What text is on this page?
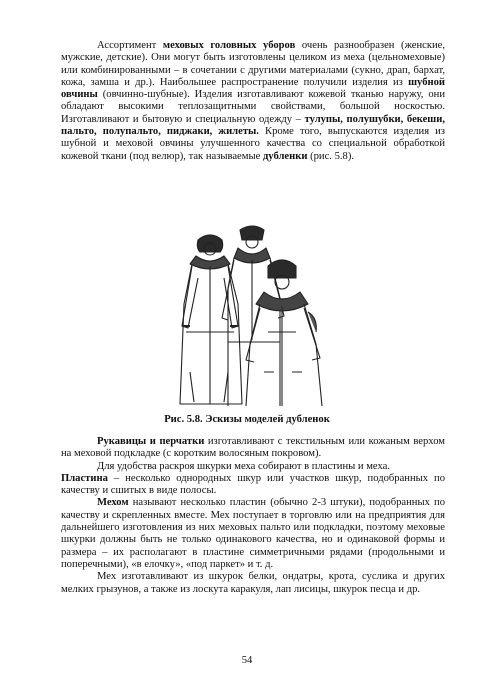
Ассортимент меховых головных уборов очень разнообразен (женские, мужские, детские). Они могут быть изготовлены целиком из меха (цельномеховые) или комбинированными – в сочетании с другими материалами (сукно, драп, бархат, кожа, замша и др.). Наибольшее распространение получили изделия из шубной овчины (овчинно-шубные). Изделия изготавливают кожевой тканью наружу, они обладают высокими теплозащитными свойствами, большой носкостью. Изготавливают и бытовую и специальную одежду – тулупы, полушубки, бекеши, пальто, полупальто, пиджаки, жилеты. Кроме того, выпускаются изделия из шубной и меховой овчины улучшенного качества со специальной обработкой кожевой ткани (под велюр), так называемые дубленки (рис. 5.8).

Рис. 5.8. Эскизы моделей дубленок

Рукавицы и перчатки изготавливают с текстильным или кожаным верхом на меховой подкладке (с коротким волосяным покровом).

Для удобства раскроя шкурки меха собирают в пластины и меха.

Пластина – несколько однородных шкур или участков шкур, подобранных по качеству и сшитых в виде полосы.

Мехом называют несколько пластин (обычно 2-3 штуки), подобранных по качеству и скрепленных вместе. Мех поступает в торговлю или на предприятия для дальнейшего изготовления из них меховых пальто или подкладки, поэтому меховые шкурки должны быть не только одинакового качества, но и одинаковой формы и размера – их располагают в пластине симметричными рядами (продольными и поперечными), «в елочку», «под паркет» и т. д.

Мех изготавливают из шкурок белки, ондатры, крота, суслика и других мелких грызунов, а также из лоскута каракуля, лап лисицы, шкурок песца и др.

54
